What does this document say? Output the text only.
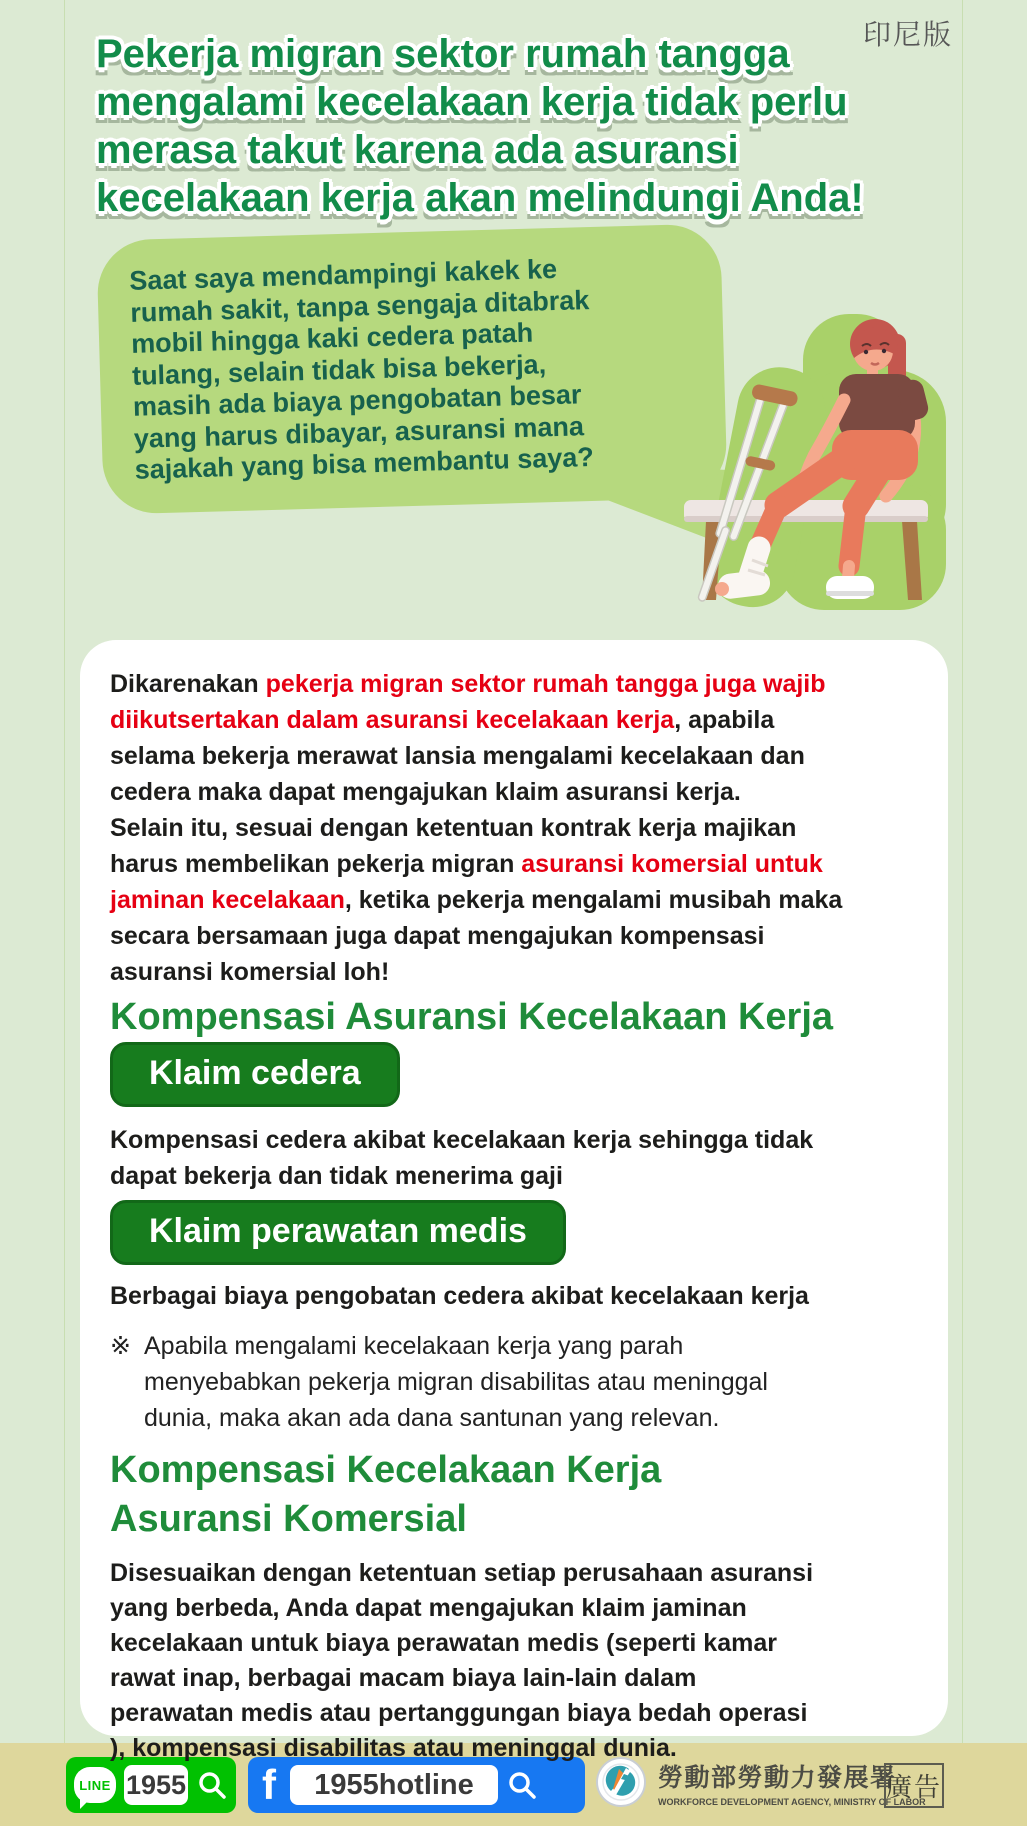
印尼版
Pekerja migran sektor rumah tangga
mengalami kecelakaan kerja tidak perlu
merasa takut karena ada asuransi
kecelakaan kerja akan melindungi Anda!
Saat saya mendampingi kakek ke
rumah sakit, tanpa sengaja ditabrak
mobil hingga kaki cedera patah
tulang, selain tidak bisa bekerja,
masih ada biaya pengobatan besar
yang harus dibayar, asuransi mana
sajakah yang bisa membantu saya?
Dikarenakan pekerja migran sektor rumah tangga juga wajib
diikutsertakan dalam asuransi kecelakaan kerja, apabila
selama bekerja merawat lansia mengalami kecelakaan dan
cedera maka dapat mengajukan klaim asuransi kerja.
Selain itu, sesuai dengan ketentuan kontrak kerja majikan
harus membelikan pekerja migran asuransi komersial untuk
jaminan kecelakaan, ketika pekerja mengalami musibah maka
secara bersamaan juga dapat mengajukan kompensasi
asuransi komersial loh!
Kompensasi Asuransi Kecelakaan Kerja
Klaim cedera
Kompensasi cedera akibat kecelakaan kerja sehingga tidak
dapat bekerja dan tidak menerima gaji
Klaim perawatan medis
Berbagai biaya pengobatan cedera akibat kecelakaan kerja
※ Apabila mengalami kecelakaan kerja yang parah
menyebabkan pekerja migran disabilitas atau meninggal
dunia, maka akan ada dana santunan yang relevan.
Kompensasi Kecelakaan Kerja
Asuransi Komersial
Disesuaikan dengan ketentuan setiap perusahaan asuransi
yang berbeda, Anda dapat mengajukan klaim jaminan
kecelakaan untuk biaya perawatan medis (seperti kamar
rawat inap, berbagai macam biaya lain-lain dalam
perawatan medis atau pertanggungan biaya bedah operasi
), kompensasi disabilitas atau meninggal dunia.
LINE 1955 f	1955hotline	勞動部勞動力發展署
WORKFORCE DEVELOPMENT AGENCY, MINISTRY OF LABOR
廣告
